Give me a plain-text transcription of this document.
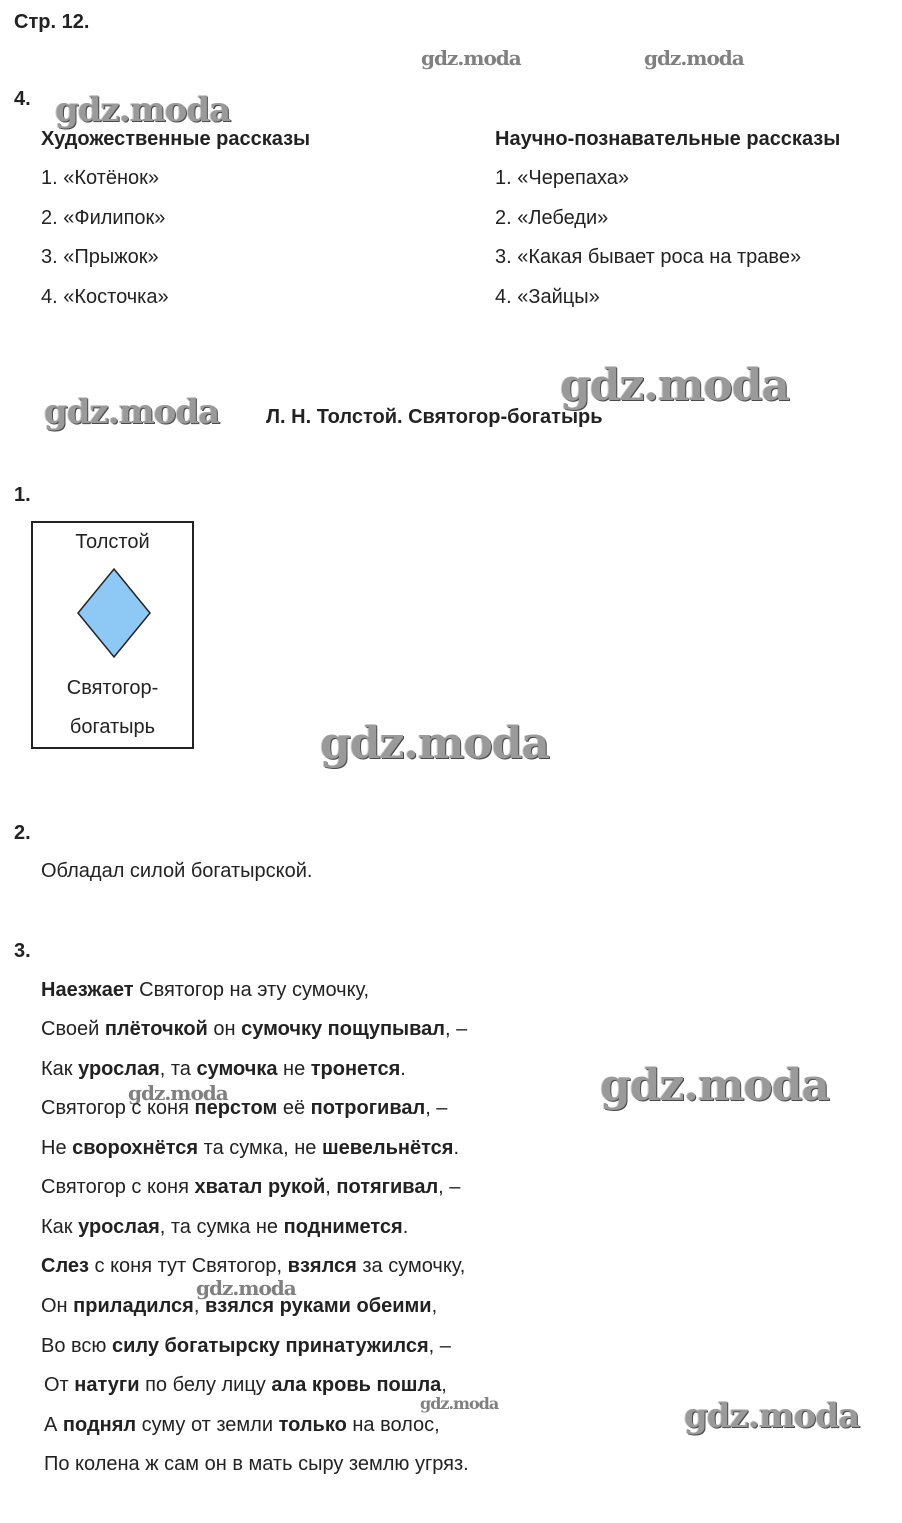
Стр. 12.
gdz.moda	gdz.moda
gdz.moda
gdz.moda
gdz.moda
gdz.moda
gdz.moda
gdz.moda
gdz.moda
gdz.moda	gdz.moda
4.
Художественные рассказы
1. «Котёнок»
2. «Филипок»
3. «Прыжок»
4. «Косточка»
Научно-познавательные рассказы
1. «Черепаха»
2. «Лебеди»
3. «Какая бывает роса на траве»
4. «Зайцы»
Л. Н. Толстой. Святогор-богатырь
1.
Толстой
Святогор-
богатырь
2.
Обладал силой богатырской.
3.
Наезжает Святогор на эту сумочку,
Своей плёточкой он сумочку пощупывал, –
Как урослая, та сумочка не тронется.
Святогор с коня перстом её потрогивал, –
Не сворохнётся та сумка, не шевельнётся.
Святогор с коня хватал рукой, потягивал, –
Как урослая, та сумка не поднимется.
Слез с коня тут Святогор, взялся за сумочку,
Он приладился, взялся руками обеими,
Во всю силу богатырску принатужился, –
От натуги по белу лицу ала кровь пошла,
А поднял суму от земли только на волос,
По колена ж сам он в мать сыру землю угряз.
